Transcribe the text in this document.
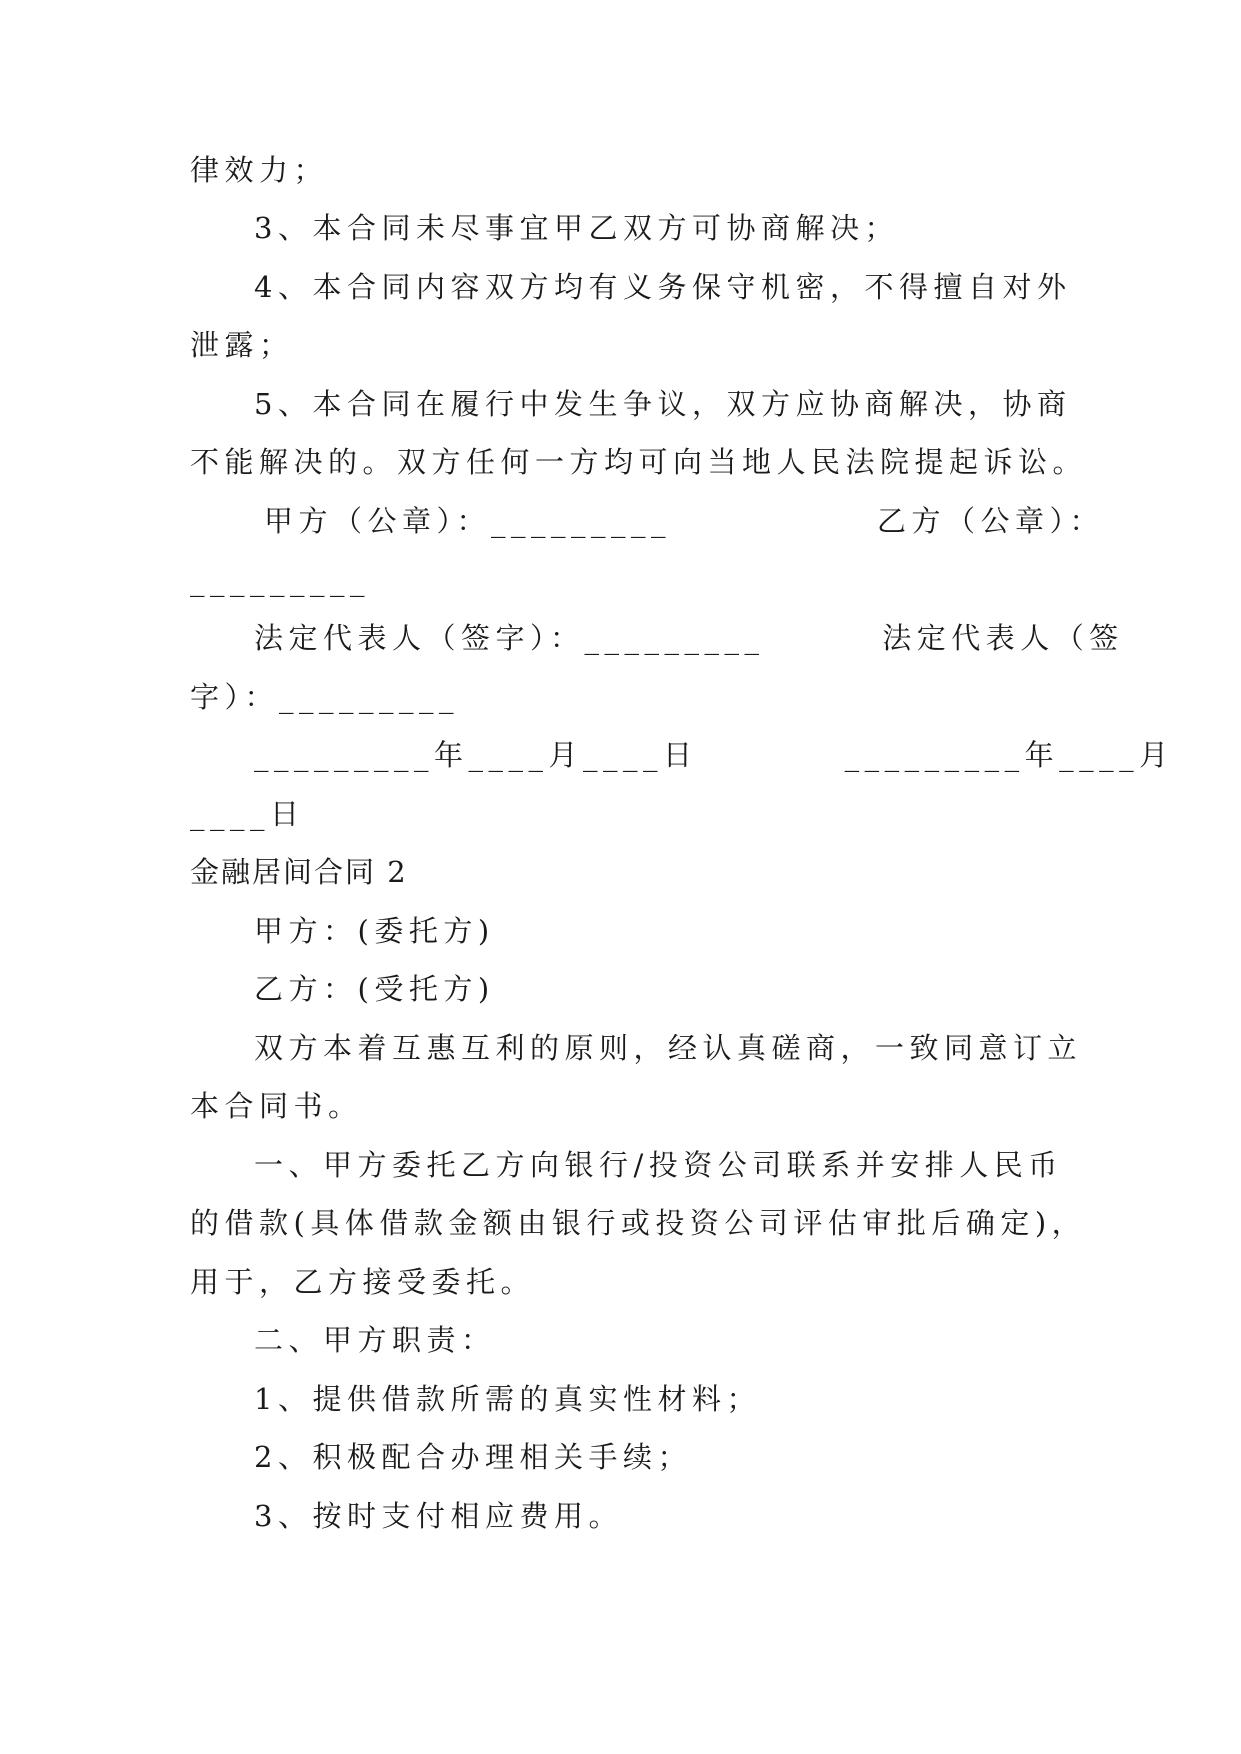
律效力；
3、本合同未尽事宜甲乙双方可协商解决；
4、本合同内容双方均有义务保守机密，不得擅自对外
泄露；
5、本合同在履行中发生争议，双方应协商解决，协商
不能解决的。双方任何一方均可向当地人民法院提起诉讼。
甲方（公章）：_________              乙方（公章）：
_________
法定代表人（签字）：_________        法定代表人（签
字）：_________
_________年____月____日          _________年____月
____日
金融居间合同 2
甲方：(委托方)
乙方：(受托方)
双方本着互惠互利的原则，经认真磋商，一致同意订立
本合同书。
一、甲方委托乙方向银行/投资公司联系并安排人民币
的借款(具体借款金额由银行或投资公司评估审批后确定)，
用于，乙方接受委托。
二、甲方职责：
1、提供借款所需的真实性材料；
2、积极配合办理相关手续；
3、按时支付相应费用。
